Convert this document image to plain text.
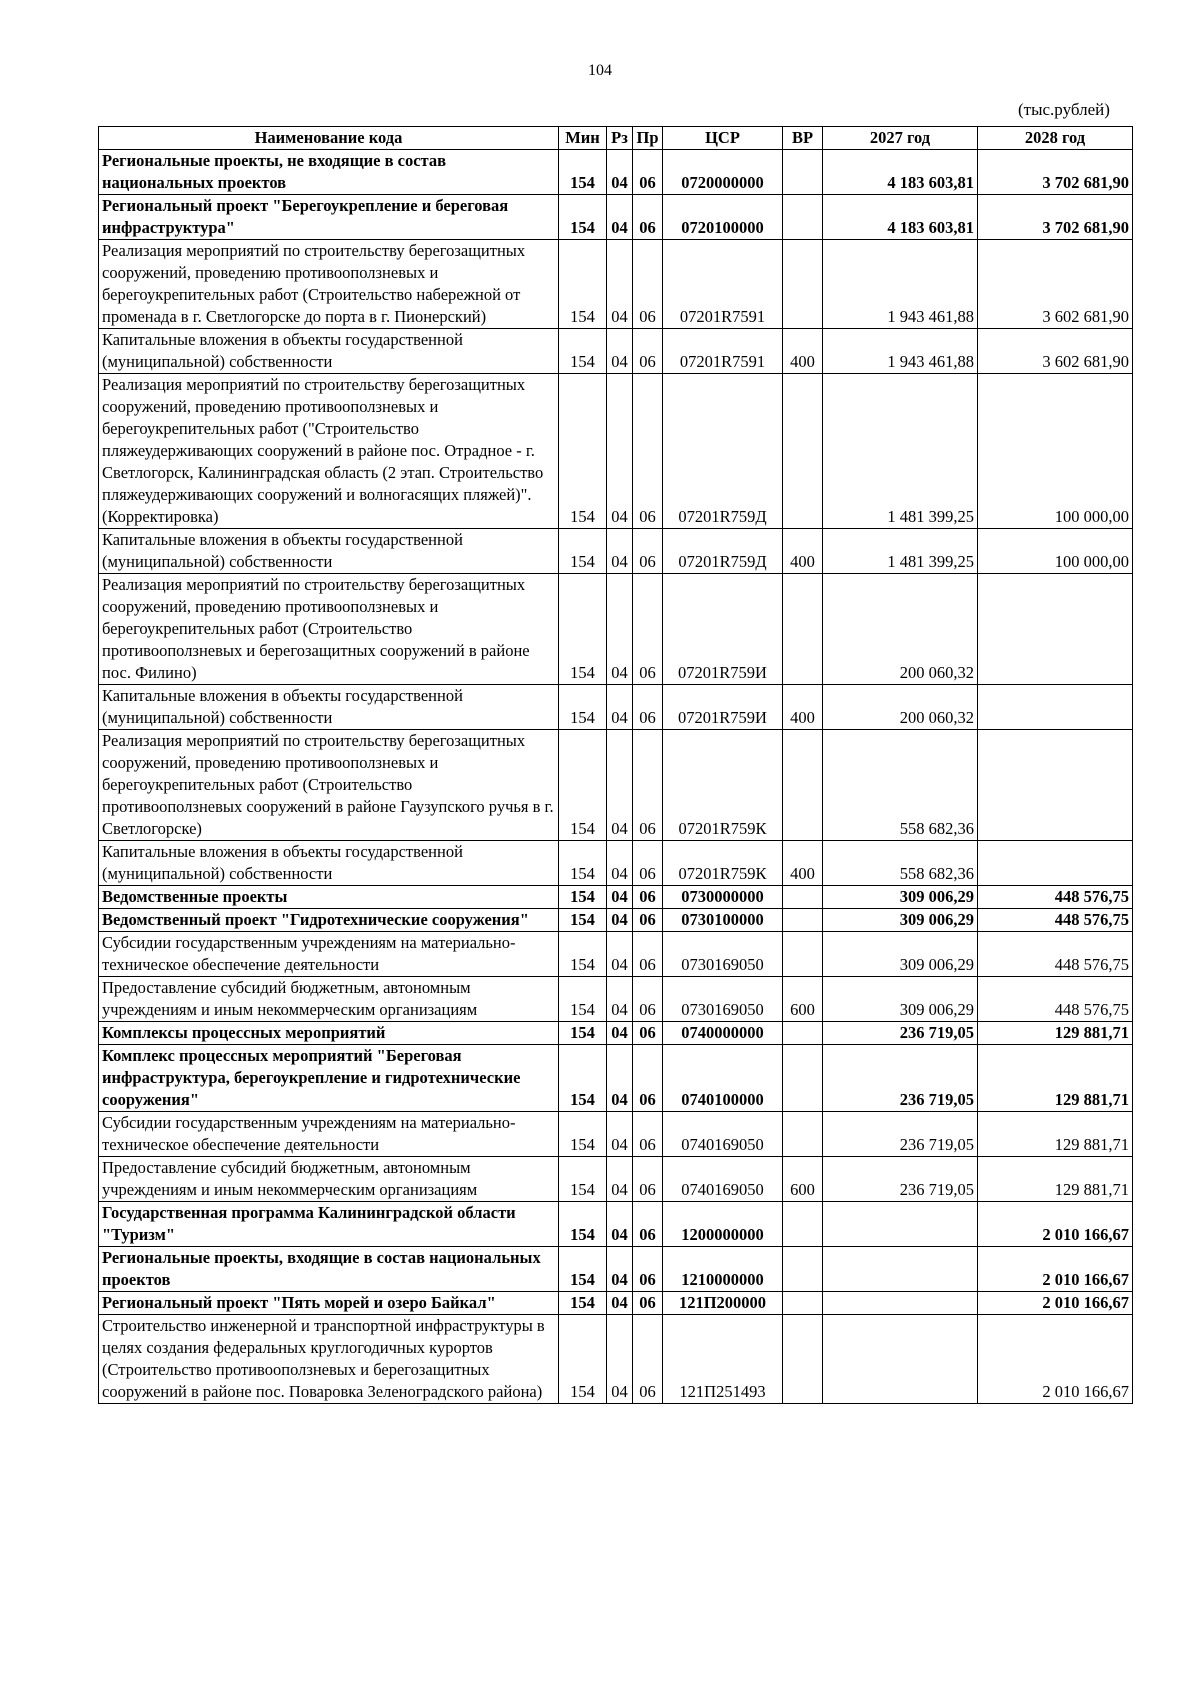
104
(тыс.рублей)
Наименование кода	Мин	Рз	Пр	ЦСР	ВР	2027 год	2028 год
Региональные проекты, не входящие в состав национальных проектов	154	04	06	0720000000		4 183 603,81	3 702 681,90
Региональный проект "Берегоукрепление и береговая инфраструктура"	154	04	06	0720100000		4 183 603,81	3 702 681,90
Реализация мероприятий по строительству берегозащитных сооружений, проведению противооползневых и берегоукрепительных работ (Строительство набережной от променада в г. Светлогорске до порта в г. Пионерский)	154	04	06	07201R7591		1 943 461,88	3 602 681,90
Капитальные вложения в объекты государственной (муниципальной) собственности	154	04	06	07201R7591	400	1 943 461,88	3 602 681,90
Реализация мероприятий по строительству берегозащитных сооружений, проведению противооползневых и берегоукрепительных работ ("Строительство пляжеудерживающих сооружений в районе пос. Отрадное - г. Светлогорск, Калининградская область (2 этап. Строительство пляжеудерживающих сооружений и волногасящих пляжей)". (Корректировка)	154	04	06	07201R759Д		1 481 399,25	100 000,00
Капитальные вложения в объекты государственной (муниципальной) собственности	154	04	06	07201R759Д	400	1 481 399,25	100 000,00
Реализация мероприятий по строительству берегозащитных сооружений, проведению противооползневых и берегоукрепительных работ (Строительство противооползневых и берегозащитных сооружений в районе пос. Филино)	154	04	06	07201R759И		200 060,32	
Капитальные вложения в объекты государственной (муниципальной) собственности	154	04	06	07201R759И	400	200 060,32	
Реализация мероприятий по строительству берегозащитных сооружений, проведению противооползневых и берегоукрепительных работ (Строительство противооползневых сооружений в районе Гаузупского ручья в г. Светлогорске)	154	04	06	07201R759К		558 682,36	
Капитальные вложения в объекты государственной (муниципальной) собственности	154	04	06	07201R759К	400	558 682,36	
Ведомственные проекты	154	04	06	0730000000		309 006,29	448 576,75
Ведомственный проект "Гидротехнические сооружения"	154	04	06	0730100000		309 006,29	448 576,75
Субсидии государственным учреждениям на материально-техническое обеспечение деятельности	154	04	06	0730169050		309 006,29	448 576,75
Предоставление субсидий бюджетным, автономным учреждениям и иным некоммерческим организациям	154	04	06	0730169050	600	309 006,29	448 576,75
Комплексы процессных мероприятий	154	04	06	0740000000		236 719,05	129 881,71
Комплекс процессных мероприятий "Береговая инфраструктура, берегоукрепление и гидротехнические сооружения"	154	04	06	0740100000		236 719,05	129 881,71
Субсидии государственным учреждениям на материально-техническое обеспечение деятельности	154	04	06	0740169050		236 719,05	129 881,71
Предоставление субсидий бюджетным, автономным учреждениям и иным некоммерческим организациям	154	04	06	0740169050	600	236 719,05	129 881,71
Государственная программа Калининградской области "Туризм"	154	04	06	1200000000			2 010 166,67
Региональные проекты, входящие в состав национальных проектов	154	04	06	1210000000			2 010 166,67
Региональный проект "Пять морей и озеро Байкал"	154	04	06	121П200000			2 010 166,67
Строительство инженерной и транспортной инфраструктуры в целях создания федеральных круглогодичных курортов (Строительство противооползневых и берегозащитных сооружений в районе пос. Поваровка Зеленоградского района)	154	04	06	121П251493			2 010 166,67
